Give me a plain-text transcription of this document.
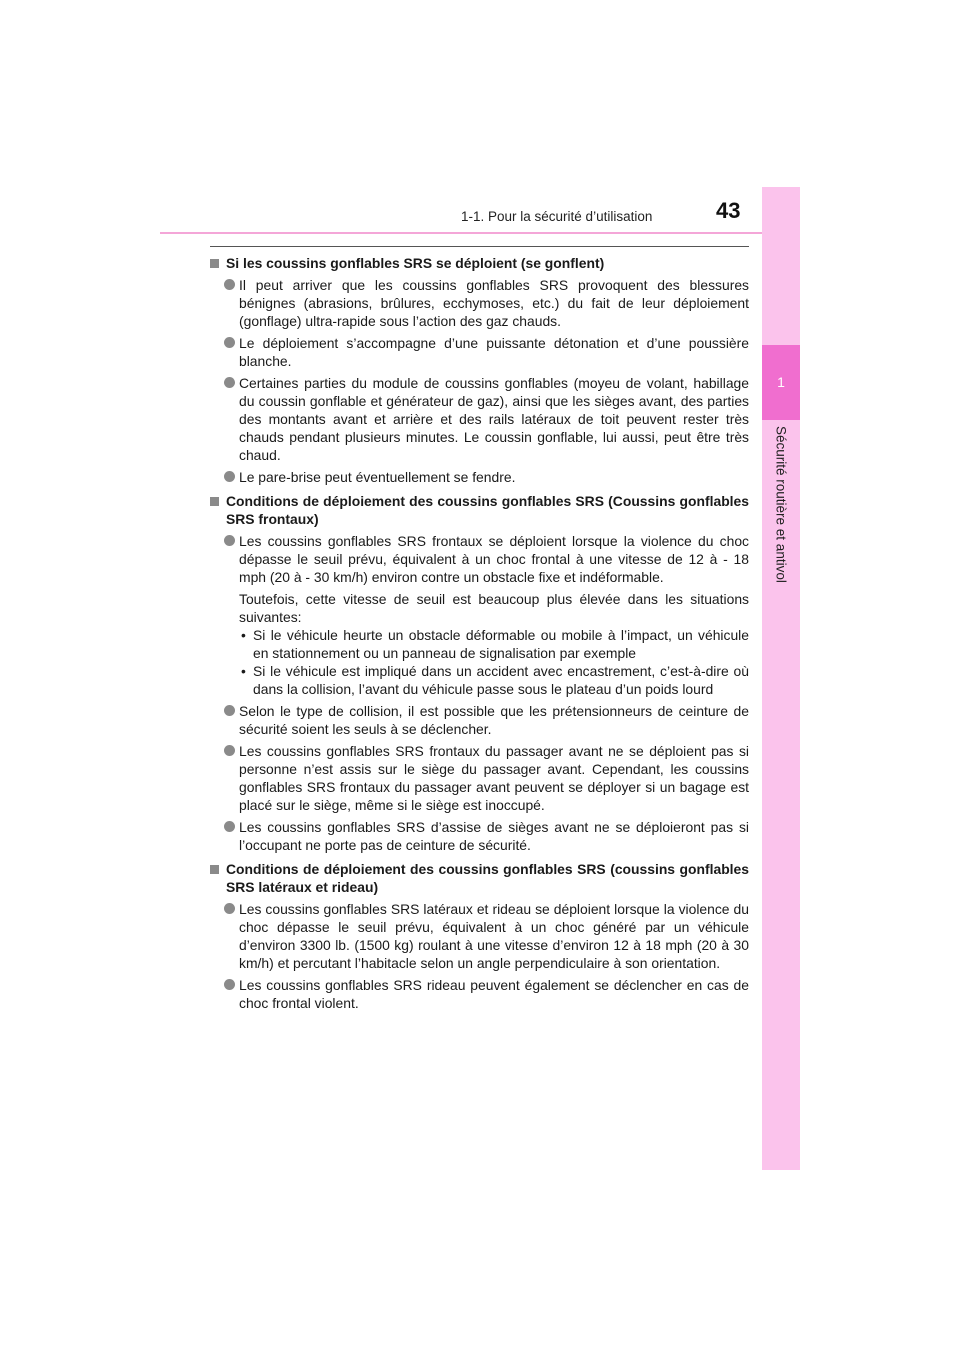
1-1. Pour la sécurité d’utilisation	43
1
Sécurité routière et antivol
Si les coussins gonflables SRS se déploient (se gonflent)
Il peut arriver que les coussins gonflables SRS provoquent des blessures bénignes (abrasions, brûlures, ecchymoses, etc.) du fait de leur déploiement (gonflage) ultra-rapide sous l’action des gaz chauds.
Le déploiement s’accompagne d’une puissante détonation et d’une poussière blanche.
Certaines parties du module de coussins gonflables (moyeu de volant, habillage du coussin gonflable et générateur de gaz), ainsi que les sièges avant, des parties des montants avant et arrière et des rails latéraux de toit peuvent rester très chauds pendant plusieurs minutes. Le coussin gonflable, lui aussi, peut être très chaud.
Le pare-brise peut éventuellement se fendre.
Conditions de déploiement des coussins gonflables SRS (Coussins gonflables SRS frontaux)
Les coussins gonflables SRS frontaux se déploient lorsque la violence du choc dépasse le seuil prévu, équivalent à un choc frontal à une vitesse de 12 à - 18 mph (20 à - 30 km/h) environ contre un obstacle fixe et indéformable.
Toutefois, cette vitesse de seuil est beaucoup plus élevée dans les situations suivantes:
• Si le véhicule heurte un obstacle déformable ou mobile à l’impact, un véhicule en stationnement ou un panneau de signalisation par exemple
• Si le véhicule est impliqué dans un accident avec encastrement, c’est-à-dire où dans la collision, l’avant du véhicule passe sous le plateau d’un poids lourd
Selon le type de collision, il est possible que les prétensionneurs de ceinture de sécurité soient les seuls à se déclencher.
Les coussins gonflables SRS frontaux du passager avant ne se déploient pas si personne n’est assis sur le siège du passager avant. Cependant, les coussins gonflables SRS frontaux du passager avant peuvent se déployer si un bagage est placé sur le siège, même si le siège est inoccupé.
Les coussins gonflables SRS d’assise de sièges avant ne se déploieront pas si l’occupant ne porte pas de ceinture de sécurité.
Conditions de déploiement des coussins gonflables SRS (coussins gonflables SRS latéraux et rideau)
Les coussins gonflables SRS latéraux et rideau se déploient lorsque la violence du choc dépasse le seuil prévu, équivalent à un choc généré par un véhicule d’environ 3300 lb. (1500 kg) roulant à une vitesse d’environ 12 à 18 mph (20 à 30 km/h) et percutant l’habitacle selon un angle perpendiculaire à son orientation.
Les coussins gonflables SRS rideau peuvent également se déclencher en cas de choc frontal violent.
